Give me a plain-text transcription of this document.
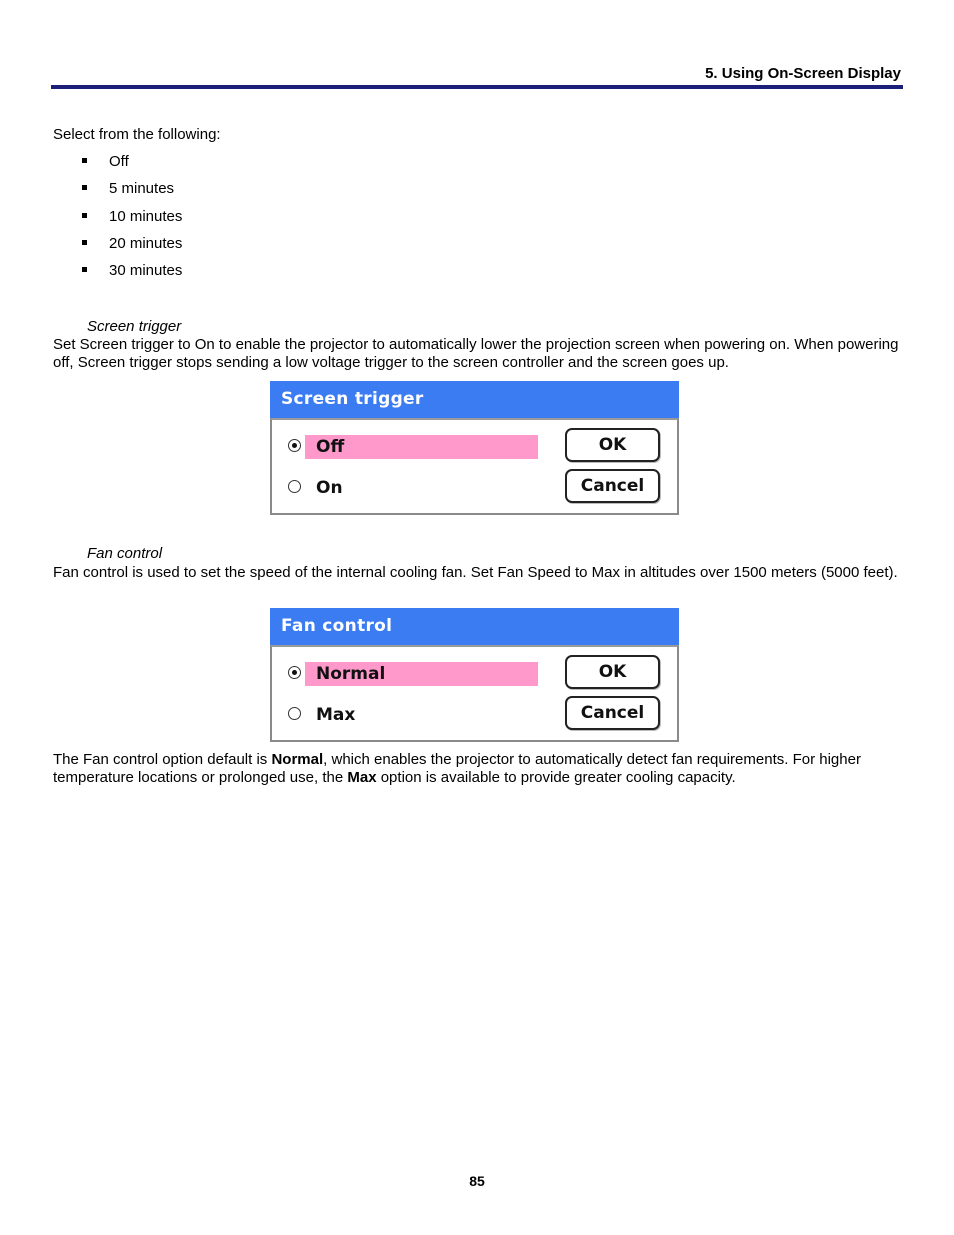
5. Using On-Screen Display
Select from the following:
Off
5 minutes
10 minutes
20 minutes
30 minutes
Screen trigger
Set Screen trigger to On to enable the projector to automatically lower the projection screen when powering on. When powering off, Screen trigger stops sending a low voltage trigger to the screen controller and the screen goes up.
Screen trigger
Off
On
OK
Cancel
Fan control
Fan control is used to set the speed of the internal cooling fan. Set Fan Speed to Max in altitudes over 1500 meters (5000 feet).
Fan control
Normal
Max
OK
Cancel
The Fan control option default is Normal, which enables the projector to automatically detect fan requirements. For higher temperature locations or prolonged use, the Max option is available to provide greater cooling capacity.
85
